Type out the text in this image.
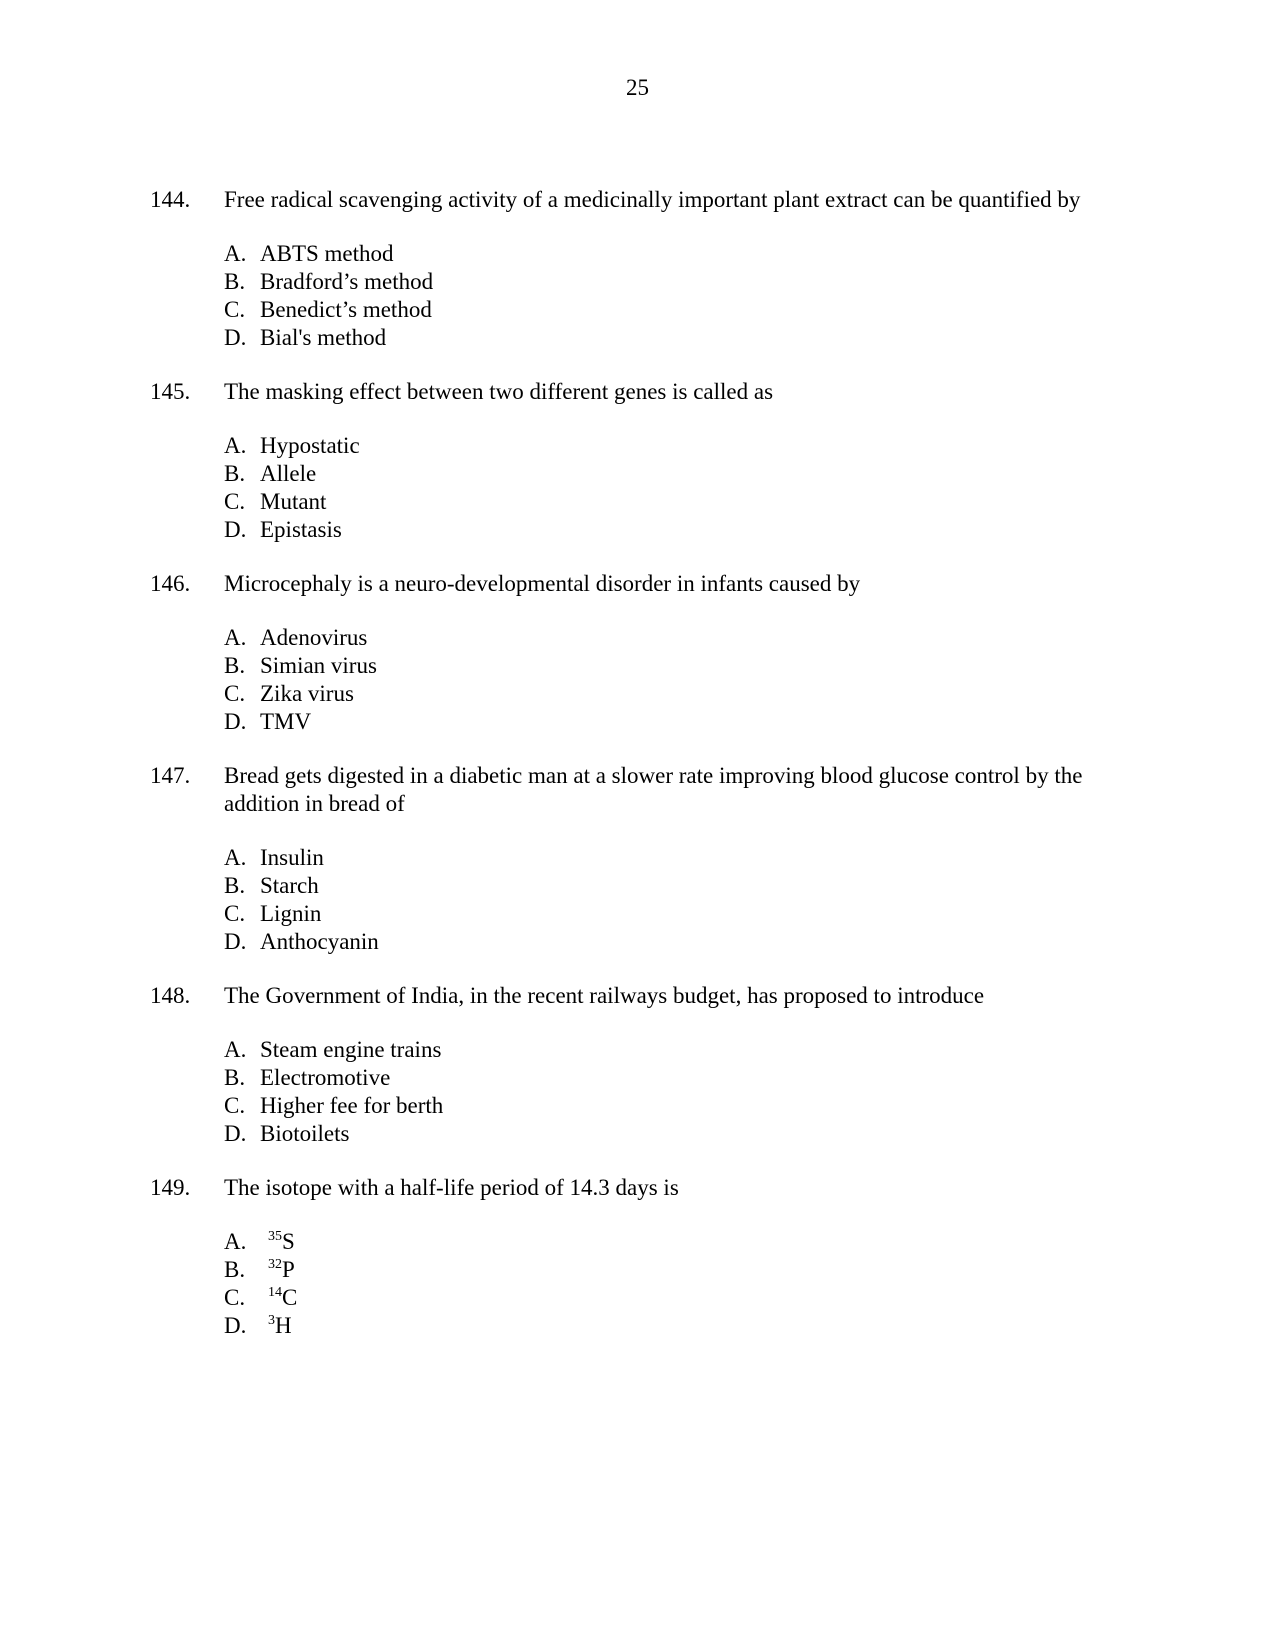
25
144. Free radical scavenging activity of a medicinally important plant extract can be quantified by

A. ABTS method
B. Bradford’s method
C. Benedict’s method
D. Bial's method
145. The masking effect between two different genes is called as

A. Hypostatic
B. Allele
C. Mutant
D. Epistasis
146. Microcephaly is a neuro-developmental disorder in infants caused by

A. Adenovirus
B. Simian virus
C. Zika virus
D. TMV
147. Bread gets digested in a diabetic man at a slower rate improving blood glucose control by the addition in bread of

A. Insulin
B. Starch
C. Lignin
D. Anthocyanin
148. The Government of India, in the recent railways budget, has proposed to introduce

A. Steam engine trains
B. Electromotive
C. Higher fee for berth
D. Biotoilets
149. The isotope with a half-life period of 14.3 days is

A. $^{35}$S
B. $^{32}$P
C. $^{14}$C
D. $^3$H
